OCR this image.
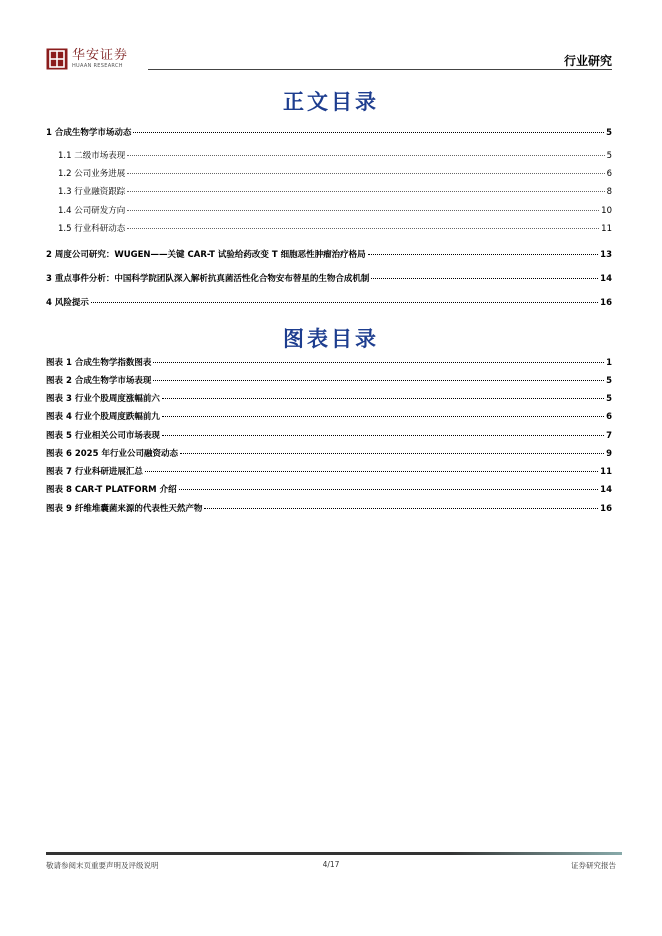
华安证券
HUAAN RESEARCH	行业研究
正文目录
1 合成生物学市场动态	5
1.1 二级市场表现	5
1.2 公司业务进展	6
1.3 行业融资跟踪	8
1.4 公司研发方向	10
1.5 行业科研动态	11
2 周度公司研究：WUGEN——关键 CAR-T 试验给药改变 T 细胞恶性肿瘤治疗格局	13
3 重点事件分析：中国科学院团队深入解析抗真菌活性化合物安布替星的生物合成机制	14
4 风险提示	16
图表目录
图表 1 合成生物学指数图表	1
图表 2 合成生物学市场表现	5
图表 3 行业个股周度涨幅前六	5
图表 4 行业个股周度跌幅前九	6
图表 5 行业相关公司市场表现	7
图表 6 2025 年行业公司融资动态	9
图表 7 行业科研进展汇总	11
图表 8 CAR-T PLATFORM 介绍	14
图表 9 纤维堆囊菌来源的代表性天然产物	16
敬请参阅末页重要声明及评级说明	4/17	证券研究报告
